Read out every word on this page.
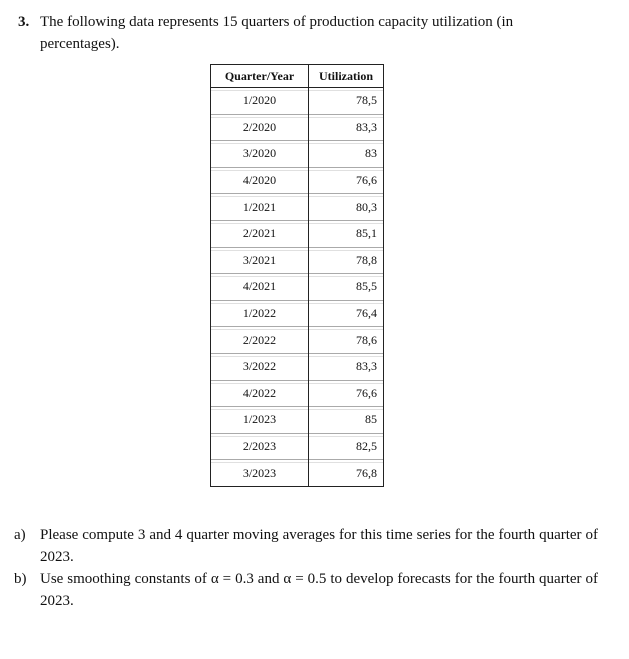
3. The following data represents 15 quarters of production capacity utilization (in
percentages).
Quarter/Year	Utilization
1/2020	78,5
2/2020	83,3
3/2020	83
4/2020	76,6
1/2021	80,3
2/2021	85,1
3/2021	78,8
4/2021	85,5
1/2022	76,4
2/2022	78,6
3/2022	83,3
4/2022	76,6
1/2023	85
2/2023	82,5
3/2023	76,8
a) Please compute 3 and 4 quarter moving averages for this time series for the fourth quarter of 2023.
b) Use smoothing constants of α = 0.3 and α = 0.5 to develop forecasts for the fourth quarter of 2023.
